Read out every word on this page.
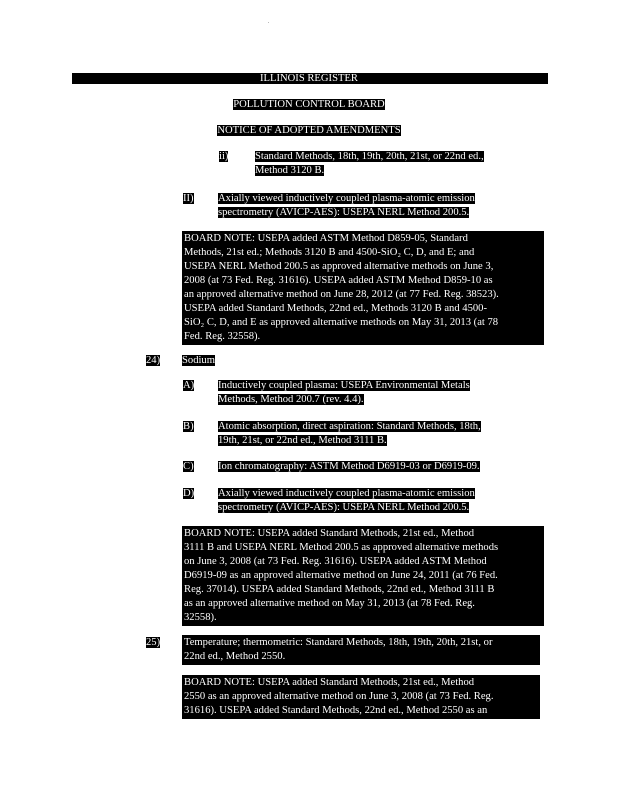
ILLINOIS REGISTER
POLLUTION CONTROL BOARD
NOTICE OF ADOPTED AMENDMENTS
ii)	Standard Methods, 18th, 19th, 20th, 21st, or 22nd ed.,
Method 3120 B.
II) Axially viewed inductively coupled plasma-atomic emission
spectrometry (AVICP-AES): USEPA NERL Method 200.5.
BOARD NOTE: USEPA added ASTM Method D859-05, Standard
Methods, 21st ed.; Methods 3120 B and 4500-SiO₂ C, D, and E; and
USEPA NERL Method 200.5 as approved alternative methods on June 3,
2008 (at 73 Fed. Reg. 31616). USEPA added ASTM Method D859-10 as
an approved alternative method on June 28, 2012 (at 77 Fed. Reg. 38523).
USEPA added Standard Methods, 22nd ed., Methods 3120 B and 4500-
SiO₂ C, D, and E as approved alternative methods on May 31, 2013 (at 78
Fed. Reg. 32558).
24) Sodium
A) Inductively coupled plasma: USEPA Environmental Metals
Methods, Method 200.7 (rev. 4.4).
B) Atomic absorption, direct aspiration: Standard Methods, 18th,
19th, 21st, or 22nd ed., Method 3111 B.
C) Ion chromatography: ASTM Method D6919-03 or D6919-09.
D) Axially viewed inductively coupled plasma-atomic emission
spectrometry (AVICP-AES): USEPA NERL Method 200.5.
BOARD NOTE: USEPA added Standard Methods, 21st ed., Method
3111 B and USEPA NERL Method 200.5 as approved alternative methods
on June 3, 2008 (at 73 Fed. Reg. 31616). USEPA added ASTM Method
D6919-09 as an approved alternative method on June 24, 2011 (at 76 Fed.
Reg. 37014). USEPA added Standard Methods, 22nd ed., Method 3111 B
as an approved alternative method on May 31, 2013 (at 78 Fed. Reg.
32558).
25) Temperature; thermometric: Standard Methods, 18th, 19th, 20th, 21st, or
22nd ed., Method 2550.
BOARD NOTE: USEPA added Standard Methods, 21st ed., Method
2550 as an approved alternative method on June 3, 2008 (at 73 Fed. Reg.
31616). USEPA added Standard Methods, 22nd ed., Method 2550 as an
